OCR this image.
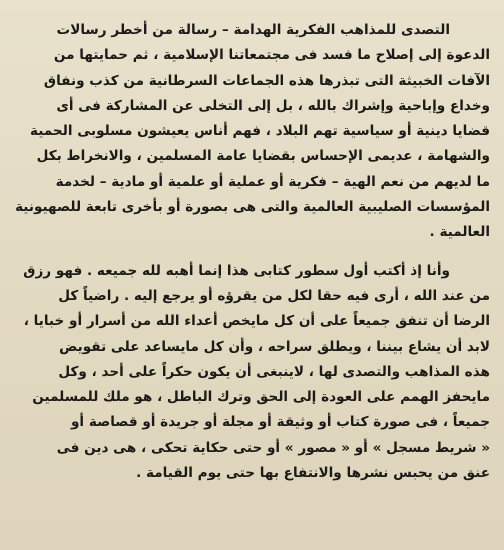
التصدى للمذاهب الفكرية الهدامة – رسالة من أخطر رسالات
الدعوة إلى إصلاح ما فسد فى مجتمعاتنا الإسلامية ، ثم حمايتها من
الآفات الخبيثة التى تبذرها هذه الجماعات السرطانية من كذب ونفاق
وخداع وإباحية وإشراك بالله ، بل إلى التخلى عن المشاركة فى أى
قضايا دينية أو سياسية تهم البلاد ، فهم أناس يعيشون مسلوبى الحمية
والشهامة ، عديمى الإحساس بقضايا عامة المسلمين ، والانخراط بكل
ما لديهم من نعم الهية – فكرية أو عملية أو علمية أو مادية – لخدمة
المؤسسات الصليبية العالمية والتى هى بصورة أو بأخرى تابعة للصهيونية
العالمية .
وأنا إذ أكتب أول سطور كتابى هذا إنما أهبه لله جميعه . فهو رزق
من عند الله ، أرى فيه حقا لكل من يقرؤه أو يرجع إليه . راضياً كل
الرضا أن تنفق جميعاً على أن كل مايخص أعداء الله من أسرار أو خبايا ،
لابد أن يشاع بيننا ، ويطلق سراحه ، وأن كل مايساعد على تقويض
هذه المذاهب والتصدى لها ، لاينبغى أن يكون حكراً على أحد ، وكل
مايحفز الهمم على العودة إلى الحق وترك الباطل ، هو ملك للمسلمين
جميعاً ، فى صورة كتاب أو وثيقة أو مجلة أو جريدة أو قصاصة أو
« شريط مسجل » أو « مصور » أو حتى حكاية تحكى ، هى دين فى
عنق من يحبس نشرها والانتفاع بها حتى يوم القيامة .
